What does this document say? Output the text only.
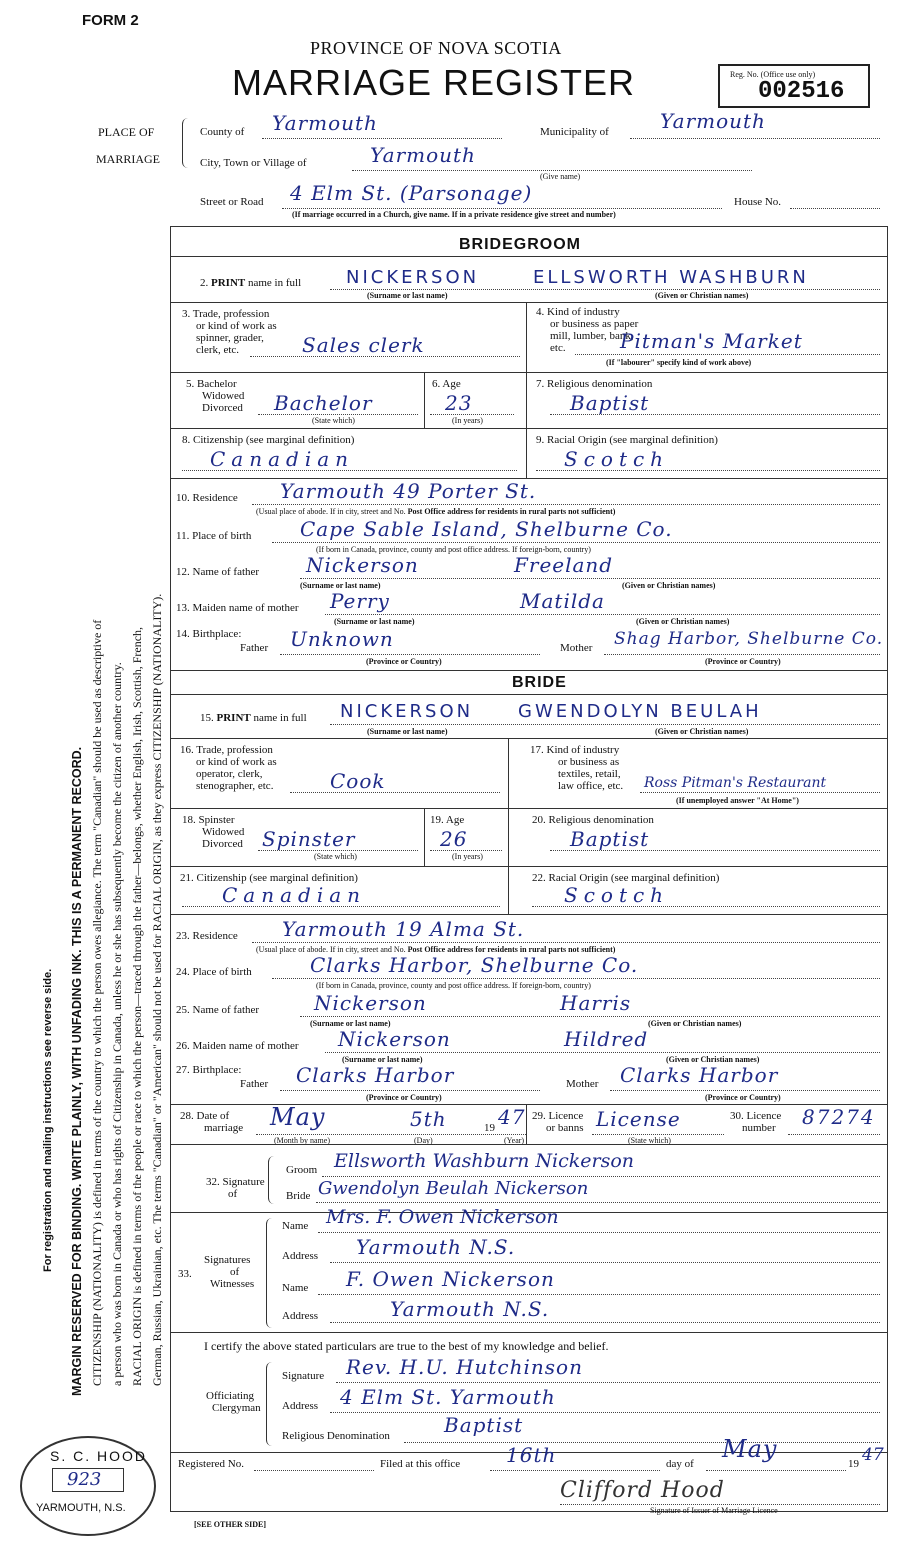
FORM 2
PROVINCE OF NOVA SCOTIA
MARRIAGE REGISTER	Reg. No. (Office use only)
002516
PLACE OF
MARRIAGE
County of Yarmouth	Municipality of	Yarmouth
City, Town or Village of	Yarmouth
(Give name)
Street or Road 4 Elm St. (Parsonage)	House No.
(If marriage occurred in a Church, give name. If in a private residence give street and number)
BRIDEGROOM
2. PRINT name in full NICKERSON	ELLSWORTH WASHBURN
(Surname or last name)	(Given or Christian names)
3. Trade, profession
or kind of work as
spinner, grader,
clerk, etc.	Sales clerk
4. Kind of industry
or business as paper
mill, lumber, bank,
etc.	Pitman's Market
(If "labourer" specify kind of work above)
5. Bachelor
Widowed
Divorced Bachelor
(State which)
6. Age
23
(In years)
7. Religious denomination
Baptist
8. Citizenship (see marginal definition)
Canadian
9. Racial Origin (see marginal definition)
Scotch
10. Residence Yarmouth 49 Porter St.
(Usual place of abode. If in city, street and No. Post Office address for residents in rural parts not sufficient)
11. Place of birth Cape Sable Island, Shelburne Co.
(If born in Canada, province, county and post office address. If foreign-born, country)
12. Name of father Nickerson	Freeland
(Surname or last name)	(Given or Christian names)
13. Maiden name of mother Perry	Matilda
(Surname or last name)	(Given or Christian names)
14. Birthplace:
Father Unknown	Mother Shag Harbor, Shelburne Co.
(Province or Country)	(Province or Country)
BRIDE
15. PRINT name in full NICKERSON GWENDOLYN BEULAH
(Surname or last name)	(Given or Christian names)
16. Trade, profession
or kind of work as
operator, clerk,
stenographer, etc.	Cook
17. Kind of industry
or business as
textiles, retail,
law office, etc. Ross Pitman's Restaurant
(If unemployed answer "At Home")
18. Spinster
Widowed
Divorced Spinster
(State which)
19. Age
26
(In years)
20. Religious denomination
Baptist
21. Citizenship (see marginal definition)
Canadian
22. Racial Origin (see marginal definition)
Scotch
23. Residence Yarmouth 19 Alma St.
(Usual place of abode. If in city, street and No. Post Office address for residents in rural parts not sufficient)
24. Place of birth	Clarks Harbor, Shelburne Co.
(If born in Canada, province, county and post office address. If foreign-born, country)
25. Name of father	Nickerson	Harris
(Surname or last name)	(Given or Christian names)
26. Maiden name of mother Nickerson	Hildred
(Surname or last name)	(Given or Christian names)
27. Birthplace:
Father Clarks Harbor	Mother Clarks Harbor
(Province or Country)	(Province or Country)
28. Date of
marriage May	5th	19 47
(Month by name)	(Day)	(Year)
29. Licence
or banns License
(State which)
30. Licence
number 87274
32. Signature
of
Groom Ellsworth Washburn Nickerson
Bride Gwendolyn Beulah Nickerson
Signatures
of
Witnesses
33.
Name Mrs. F. Owen Nickerson
Address Yarmouth N.S.
Name F. Owen Nickerson
Address	Yarmouth N.S.
I certify the above stated particulars are true to the best of my knowledge and belief.
Officiating
Clergyman
Signature Rev. H.U. Hutchinson
Address 4 Elm St. Yarmouth
Religious Denomination	Baptist
Registered No.	Filed at this office 16th	day of
May
19 47
Clifford Hood
Signature of Issuer of Marriage Licence
[SEE OTHER SIDE]
S. C. HOOD
923
YARMOUTH, N.S.
For registration and mailing instructions see reverse side. MARGIN RESERVED FOR BINDING. WRITE PLAINLY, WITH UNFADING INK. THIS IS A PERMANENT RECORD. CITIZENSHIP (NATIONALITY) is defined in terms of the country to which the person owes allegiance. The term "Canadian" should be used as descriptive of a person who was born in Canada or who has rights of Citizenship in Canada, unless he or she has subsequently become the citizen of another country. RACIAL ORIGIN is defined in terms of the people or race to which the person—traced through the father—belongs, whether English, Irish, Scottish, French, German, Russian, Ukrainian, etc. The terms "Canadian" or "American" should not be used for RACIAL ORIGIN, as they express CITIZENSHIP (NATIONALITY).
